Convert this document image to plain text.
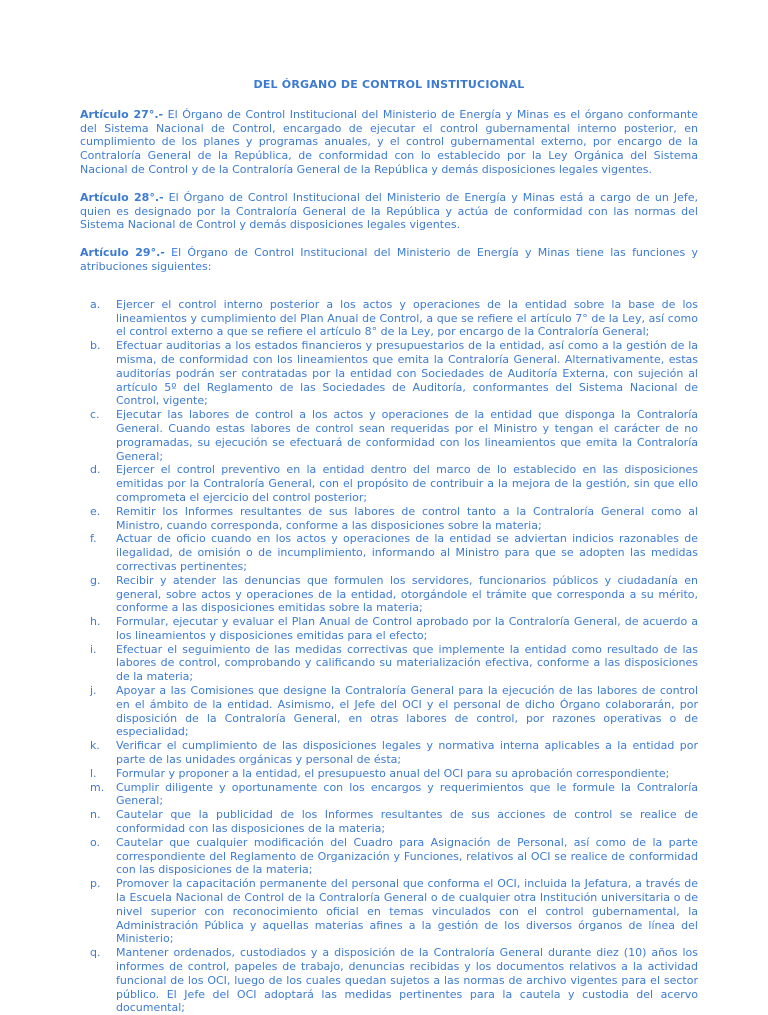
DEL ÓRGANO DE CONTROL INSTITUCIONAL

Artículo 27°.- El Órgano de Control Institucional del Ministerio de Energía y Minas es el órgano conformante del Sistema Nacional de Control, encargado de ejecutar el control gubernamental interno posterior, en cumplimiento de los planes y programas anuales, y el control gubernamental externo, por encargo de la Contraloría General de la República, de conformidad con lo establecido por la Ley Orgánica del Sistema Nacional de Control y de la Contraloría General de la República y demás disposiciones legales vigentes.

Artículo 28°.- El Órgano de Control Institucional del Ministerio de Energía y Minas está a cargo de un Jefe, quien es designado por la Contraloría General de la República y actúa de conformidad con las normas del Sistema Nacional de Control y demás disposiciones legales vigentes.

Artículo 29°.- El Órgano de Control Institucional del Ministerio de Energía y Minas tiene las funciones y atribuciones siguientes:

a.	Ejercer el control interno posterior a los actos y operaciones de la entidad sobre la base de los lineamientos y cumplimiento del Plan Anual de Control, a que se refiere el artículo 7° de la Ley, así como el control externo a que se refiere el artículo 8° de la Ley, por encargo de la Contraloría General;
b.	Efectuar auditorias a los estados financieros y presupuestarios de la entidad, así como a la gestión de la misma, de conformidad con los lineamientos que emita la Contraloría General. Alternativamente, estas auditorías podrán ser contratadas por la entidad con Sociedades de Auditoría Externa, con sujeción al artículo 5º del Reglamento de las Sociedades de Auditoría, conformantes del Sistema Nacional de Control, vigente;
c.	Ejecutar las labores de control a los actos y operaciones de la entidad que disponga la Contraloría General. Cuando estas labores de control sean requeridas por el Ministro y tengan el carácter de no programadas, su ejecución se efectuará de conformidad con los lineamientos que emita la Contraloría General;
d.	Ejercer el control preventivo en la entidad dentro del marco de lo establecido en las disposiciones emitidas por la Contraloría General, con el propósito de contribuir a la mejora de la gestión, sin que ello comprometa el ejercicio del control posterior;
e.	Remitir los Informes resultantes de sus labores de control tanto a la Contraloría General como al Ministro, cuando corresponda, conforme a las disposiciones sobre la materia;
f.	Actuar de oficio cuando en los actos y operaciones de la entidad se adviertan indicios razonables de ilegalidad, de omisión o de incumplimiento, informando al Ministro para que se adopten las medidas correctivas pertinentes;
g.	Recibir y atender las denuncias que formulen los servidores, funcionarios públicos y ciudadanía en general, sobre actos y operaciones de la entidad, otorgándole el trámite que corresponda a su mérito, conforme a las disposiciones emitidas sobre la materia;
h.	Formular, ejecutar y evaluar el Plan Anual de Control aprobado por la Contraloría General, de acuerdo a los lineamientos y disposiciones emitidas para el efecto;
i.	Efectuar el seguimiento de las medidas correctivas que implemente la entidad como resultado de las labores de control, comprobando y calificando su materialización efectiva, conforme a las disposiciones de la materia;
j.	Apoyar a las Comisiones que designe la Contraloría General para la ejecución de las labores de control en el ámbito de la entidad. Asimismo, el Jefe del OCI y el personal de dicho Órgano colaborarán, por disposición de la Contraloría General, en otras labores de control, por razones operativas o de especialidad;
k.	Verificar el cumplimiento de las disposiciones legales y normativa interna aplicables a la entidad por parte de las unidades orgánicas y personal de ésta;
l.	Formular y proponer a la entidad, el presupuesto anual del OCI para su aprobación correspondiente;
m.	Cumplir diligente y oportunamente con los encargos y requerimientos que le formule la Contraloría General;
n.	Cautelar que la publicidad de los Informes resultantes de sus acciones de control se realice de conformidad con las disposiciones de la materia;
o.	Cautelar que cualquier modificación del Cuadro para Asignación de Personal, así como de la parte correspondiente del Reglamento de Organización y Funciones, relativos al OCI se realice de conformidad con las disposiciones de la materia;
p.	Promover la capacitación permanente del personal que conforma el OCI, incluida la Jefatura, a través de la Escuela Nacional de Control de la Contraloría General o de cualquier otra Institución universitaria o de nivel superior con reconocimiento oficial en temas vinculados con el control gubernamental, la Administración Pública y aquellas materias afines a la gestión de los diversos órganos de línea del Ministerio;
q.	Mantener ordenados, custodiados y a disposición de la Contraloría General durante diez (10) años los informes de control, papeles de trabajo, denuncias recibidas y los documentos relativos a la actividad funcional de los OCI, luego de los cuales quedan sujetos a las normas de archivo vigentes para el sector público. El Jefe del OCI adoptará las medidas pertinentes para la cautela y custodia del acervo documental;
